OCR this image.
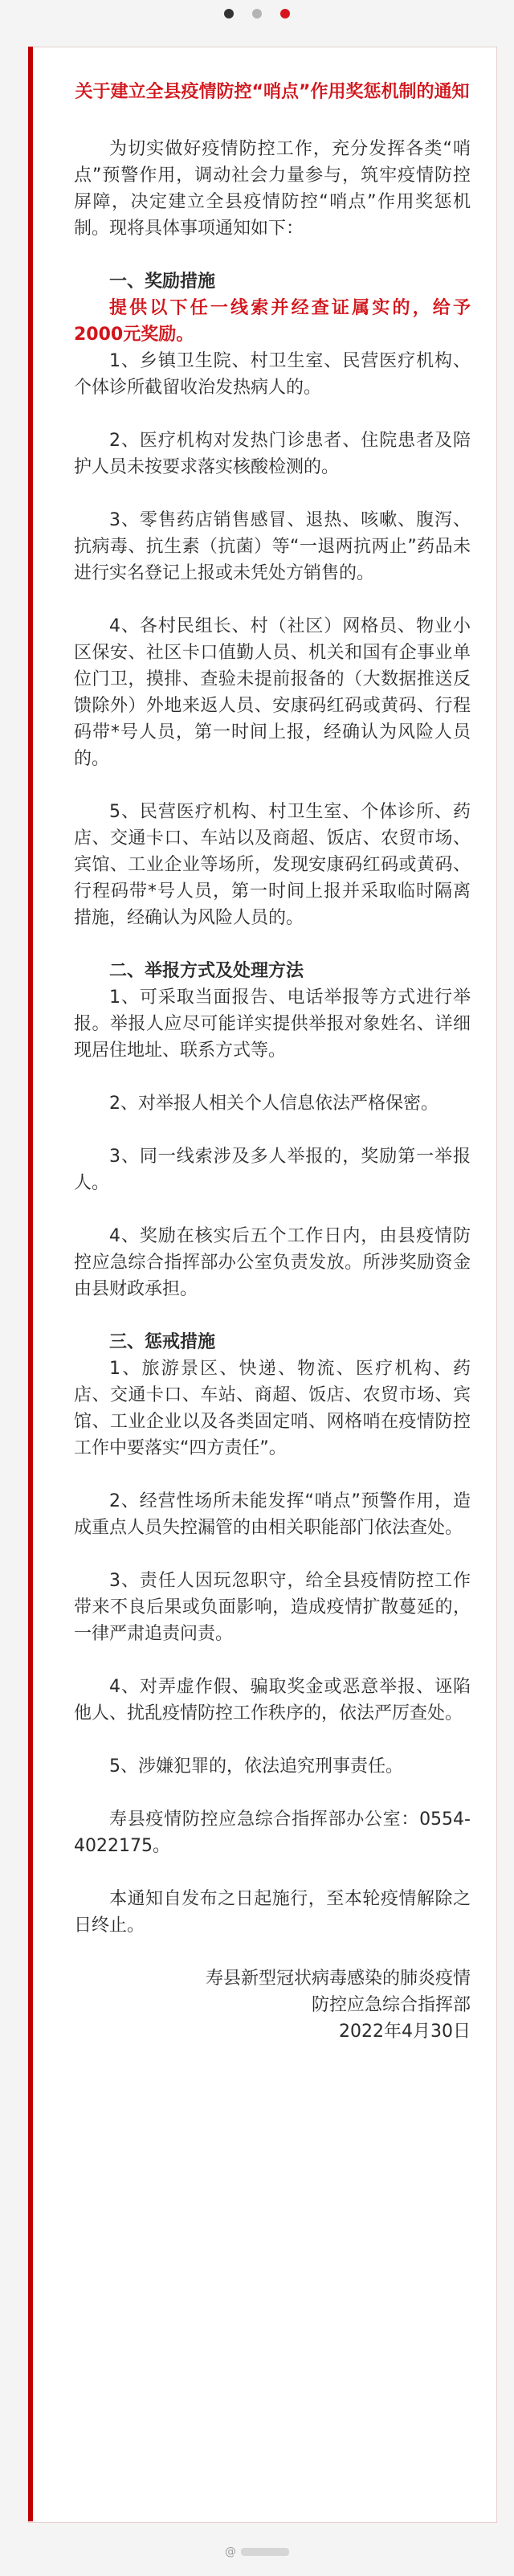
关于建立全县疫情防控“哨点”作用奖惩机制的通知

为切实做好疫情防控工作，充分发挥各类“哨点”预警作用，调动社会力量参与，筑牢疫情防控屏障，决定建立全县疫情防控“哨点”作用奖惩机制。现将具体事项通知如下：

一、奖励措施

提供以下任一线索并经查证属实的，给予2000元奖励。

1、乡镇卫生院、村卫生室、民营医疗机构、个体诊所截留收治发热病人的。

2、医疗机构对发热门诊患者、住院患者及陪护人员未按要求落实核酸检测的。

3、零售药店销售感冒、退热、咳嗽、腹泻、抗病毒、抗生素（抗菌）等“一退两抗两止”药品未进行实名登记上报或未凭处方销售的。

4、各村民组长、村（社区）网格员、物业小区保安、社区卡口值勤人员、机关和国有企事业单位门卫，摸排、查验未提前报备的（大数据推送反馈除外）外地来返人员、安康码红码或黄码、行程码带*号人员，第一时间上报，经确认为风险人员的。

5、民营医疗机构、村卫生室、个体诊所、药店、交通卡口、车站以及商超、饭店、农贸市场、宾馆、工业企业等场所，发现安康码红码或黄码、行程码带*号人员，第一时间上报并采取临时隔离措施，经确认为风险人员的。

二、举报方式及处理方法

1、可采取当面报告、电话举报等方式进行举报。举报人应尽可能详实提供举报对象姓名、详细现居住地址、联系方式等。

2、对举报人相关个人信息依法严格保密。

3、同一线索涉及多人举报的，奖励第一举报人。

4、奖励在核实后五个工作日内，由县疫情防控应急综合指挥部办公室负责发放。所涉奖励资金由县财政承担。

三、惩戒措施

1、旅游景区、快递、物流、医疗机构、药店、交通卡口、车站、商超、饭店、农贸市场、宾馆、工业企业以及各类固定哨、网格哨在疫情防控工作中要落实“四方责任”。

2、经营性场所未能发挥“哨点”预警作用，造成重点人员失控漏管的由相关职能部门依法查处。

3、责任人因玩忽职守，给全县疫情防控工作带来不良后果或负面影响，造成疫情扩散蔓延的，一律严肃追责问责。

4、对弄虚作假、骗取奖金或恶意举报、诬陷他人、扰乱疫情防控工作秩序的，依法严厉查处。

5、涉嫌犯罪的，依法追究刑事责任。

寿县疫情防控应急综合指挥部办公室：0554-4022175。

本通知自发布之日起施行，至本轮疫情解除之日终止。

寿县新型冠状病毒感染的肺炎疫情
防控应急综合指挥部
2022年4月30日
@
